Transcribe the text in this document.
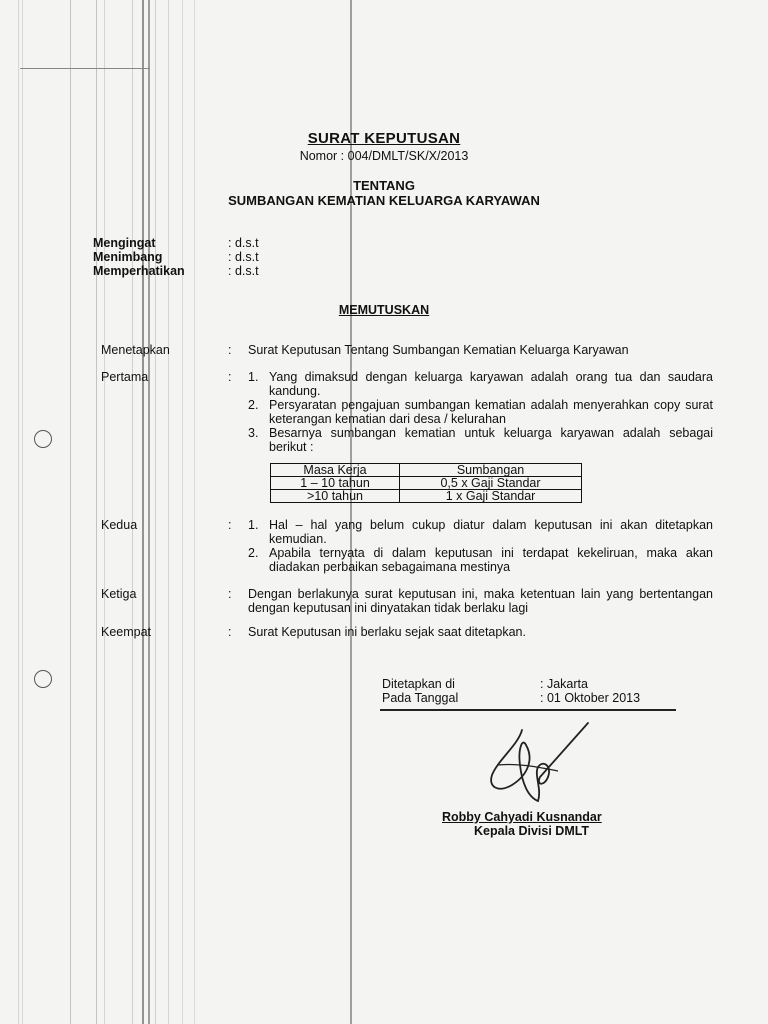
SURAT KEPUTUSAN
Nomor : 004/DMLT/SK/X/2013
TENTANG
SUMBANGAN KEMATIAN KELUARGA KARYAWAN
Mengingat	: d.s.t
Menimbang	: d.s.t
Memperhatikan	: d.s.t
MEMUTUSKAN
Menetapkan	: Surat Keputusan Tentang Sumbangan Kematian Keluarga Karyawan
Pertama	: 1. Yang dimaksud dengan keluarga karyawan adalah orang tua dan saudara kandung.
2. Persyaratan pengajuan sumbangan kematian adalah menyerahkan copy surat keterangan kematian dari desa / kelurahan
3. Besarnya sumbangan kematian untuk keluarga karyawan adalah sebagai berikut :
Masa Kerja	Sumbangan
1 – 10 tahun	0,5 x Gaji Standar
>10 tahun	1 x Gaji Standar
Kedua	: 1. Hal – hal yang belum cukup diatur dalam keputusan ini akan ditetapkan kemudian.
2. Apabila ternyata di dalam keputusan ini terdapat kekeliruan, maka akan diadakan perbaikan sebagaimana mestinya
Ketiga	: Dengan berlakunya surat keputusan ini, maka ketentuan lain yang bertentangan dengan keputusan ini dinyatakan tidak berlaku lagi
Keempat	: Surat Keputusan ini berlaku sejak saat ditetapkan.
Ditetapkan di	: Jakarta
Pada Tanggal	: 01 Oktober 2013
Robby Cahyadi Kusnandar
Kepala Divisi DMLT
